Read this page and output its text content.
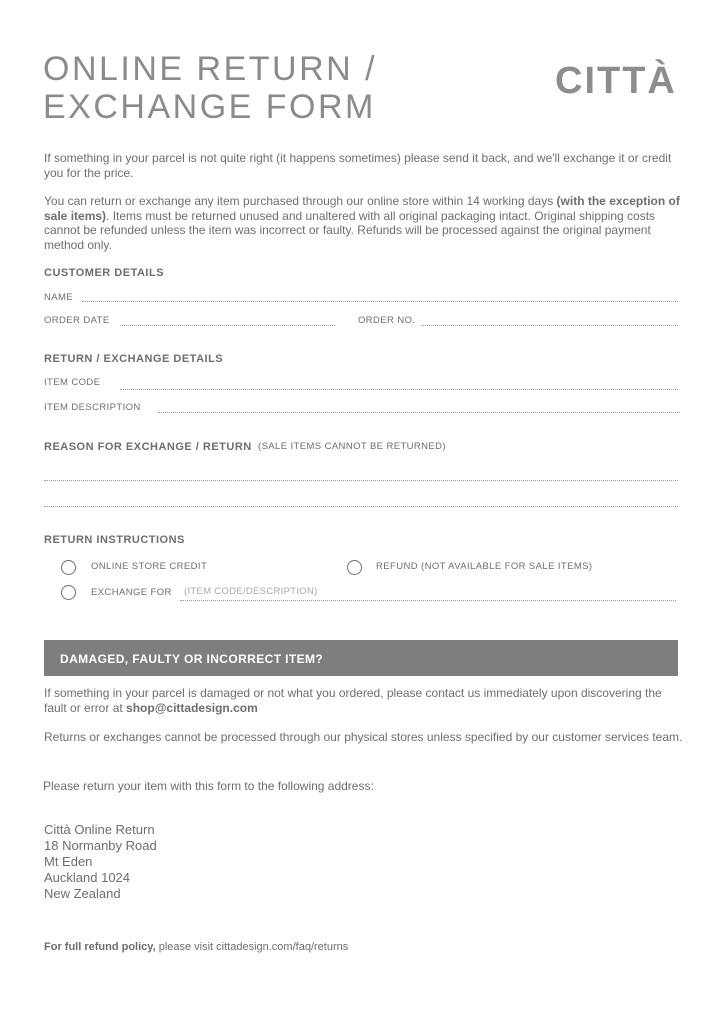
ONLINE RETURN /
EXCHANGE FORM
CITTÀ
If something in your parcel is not quite right (it happens sometimes) please send it back, and we'll exchange it or credit you for the price.
You can return or exchange any item purchased through our online store within 14 working days (with the exception of sale items). Items must be returned unused and unaltered with all original packaging intact. Original shipping costs cannot be refunded unless the item was incorrect or faulty. Refunds will be processed against the original payment method only.
CUSTOMER DETAILS
NAME
ORDER DATE	ORDER NO.
RETURN / EXCHANGE DETAILS
ITEM CODE
ITEM DESCRIPTION
REASON FOR EXCHANGE / RETURN (SALE ITEMS CANNOT BE RETURNED)
RETURN INSTRUCTIONS
ONLINE STORE CREDIT	REFUND (NOT AVAILABLE FOR SALE ITEMS)
EXCHANGE FOR (ITEM CODE/DESCRIPTION)
DAMAGED, FAULTY OR INCORRECT ITEM?
If something in your parcel is damaged or not what you ordered, please contact us immediately upon discovering the fault or error at shop@cittadesign.com
Returns or exchanges cannot be processed through our physical stores unless specified by our customer services team.
Please return your item with this form to the following address:
Città Online Return
18 Normanby Road
Mt Eden
Auckland 1024
New Zealand
For full refund policy, please visit cittadesign.com/faq/returns
